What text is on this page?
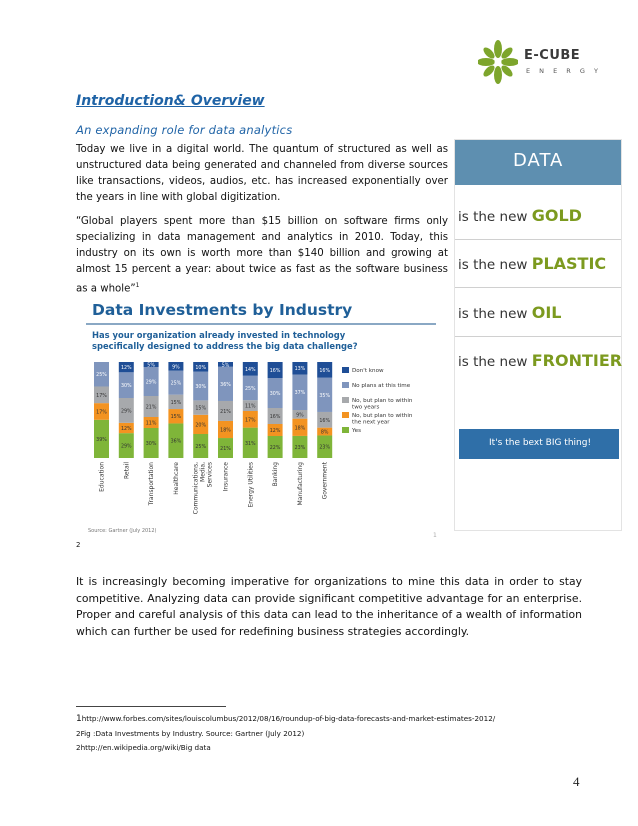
E-CUBE
E N E R G Y
Introduction& Overview
An expanding role for data analytics
Today we live in a digital world. The quantum of structured as well as unstructured data being generated and channeled from diverse sources like transactions, videos, audios, etc. has increased exponentially over the years in line with global digitization.
“Global players spent more than $15 billion on software firms only specializing in data management and analytics in 2010. Today, this industry on its own is worth more than $140 billion and growing at almost 15 percent a year: about twice as fast as the software business as a whole”$^1$
DATA
is the new GOLD
is the new PLASTIC
is the new OIL
is the new FRONTIER
It's the bext BIG thing!
Data Investments by Industry
Has your organization already invested in technology specifically designed to address the big data challenge?
39%
17%
17%
25%
Education
29%
12%
29%
30%
12%
Retail
30%
11%
21%
29%
5%
Transportation
36%
15%
15%
25%
9%
Healthcare
25%
20%
15%
30%
10%
Communications,Media,Services
21%
18%
21%
36%
5%
Insurance
31%
17%
11%
25%
14%
Energy Utilities
22%
12%
16%
30%
16%
Banking
23%
18%
9%
37%
13%
Manufacturing
23%
8%
16%
35%
16%
Government
Don't know
No plans at this time
No, but plan to within two years
No, but plan to within the next year
Yes
Source: Gartner (July 2012)
2
1
It is increasingly becoming imperative for organizations to mine this data in order to stay competitive. Analyzing data can provide significant competitive advantage for an enterprise. Proper and careful analysis of this data can lead to the inheritance of a wealth of information which can further be used for redefining business strategies accordingly.
1http://www.forbes.com/sites/louiscolumbus/2012/08/16/roundup-of-big-data-forecasts-and-market-estimates-2012/
2Fig :Data Investments by Industry. Source: Gartner (July 2012)
2http://en.wikipedia.org/wiki/Big data
4
